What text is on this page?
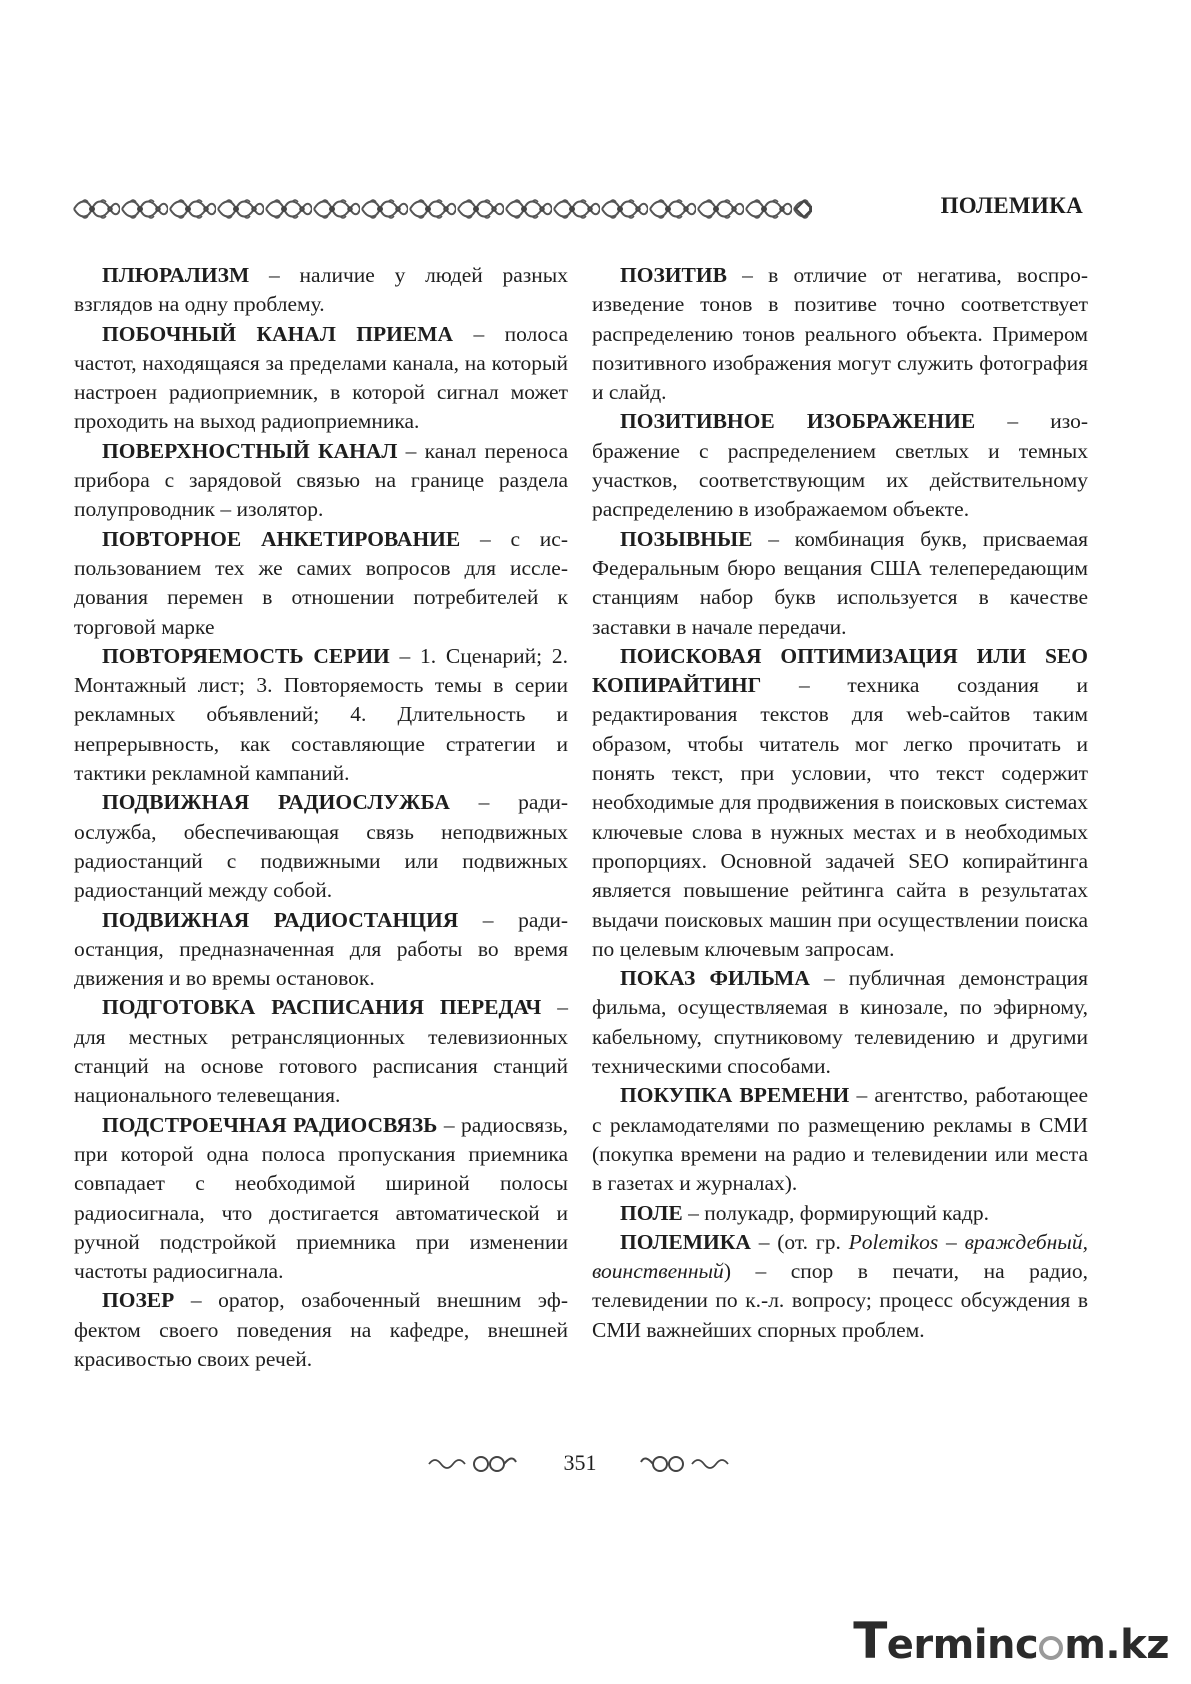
ПОЛЕМИКА

ПЛЮРАЛИЗМ – наличие у людей разных взглядов на одну проблему.

ПОБОЧНЫЙ КАНАЛ ПРИЕМА – полоса частот, находящаяся за пределами канала, на который настроен радиоприемник, в которой сигнал может проходить на выход радиоприемника.

ПОВЕРХНОСТНЫЙ КАНАЛ – канал переноса прибора с зарядовой связью на границе раздела полупроводник – изолятор.

ПОВТОРНОЕ АНКЕТИРОВАНИЕ – с использованием тех же самих вопросов для исследования перемен в отношении потребителей к торговой марке

ПОВТОРЯЕМОСТЬ СЕРИИ – 1. Сценарий; 2. Монтажный лист; 3. Повторяемость темы в серии рекламных объявлений; 4. Длительность и непрерывность, как составляющие стратегии и тактики рекламной кампаний.

ПОДВИЖНАЯ РАДИОСЛУЖБА – радиослужба, обеспечивающая связь неподвижных радиостанций с подвижными или подвижных радиостанций между собой.

ПОДВИЖНАЯ РАДИОСТАНЦИЯ – радиостанция, предназначенная для работы во время движения и во времы остановок.

ПОДГОТОВКА РАСПИСАНИЯ ПЕРЕДАЧ – для местных ретрансляционных телевизионных станций на основе готового расписания станций национального телевещания.

ПОДСТРОЕЧНАЯ РАДИОСВЯЗЬ – радиосвязь, при которой одна полоса пропускания приемника совпадает с необходимой шириной полосы радиосигнала, что достигается автоматической и ручной подстройкой приемника при изменении частоты радиосигнала.

ПОЗЕР – оратор, озабоченный внешним эффектом своего поведения на кафедре, внешней красивостью своих речей.

ПОЗИТИВ – в отличие от негатива, воспроизведение тонов в позитиве точно соответствует распределению тонов реального объекта. Примером позитивного изображения могут служить фотография и слайд.

ПОЗИТИВНОЕ ИЗОБРАЖЕНИЕ – изображение с распределением светлых и темных участков, соответствующим их действительному распределению в изображаемом объекте.

ПОЗЫВНЫЕ – комбинация букв, присваемая Федеральным бюро вещания США телепередающим станциям набор букв используется в качестве заставки в начале передачи.

ПОИСКОВАЯ ОПТИМИЗАЦИЯ ИЛИ SEO КОПИРАЙТИНГ – техника создания и редактирования текстов для web-сайтов таким образом, чтобы читатель мог легко прочитать и понять текст, при условии, что текст содержит необходимые для продвижения в поисковых системах ключевые слова в нужных местах и в необходимых пропорциях. Основной задачей SEO копирайтинга является повышение рейтинга сайта в результатах выдачи поисковых машин при осуществлении поиска по целевым ключевым запросам.

ПОКАЗ ФИЛЬМА – публичная демонстрация фильма, осуществляемая в кинозале, по эфирному, кабельному, спутниковому телевидению и другими техническими способами.

ПОКУПКА ВРЕМЕНИ – агентство, работающее с рекламодателями по размещению рекламы в СМИ (покупка времени на радио и телевидении или места в газетах и журналах).

ПОЛЕ – полукадр, формирующий кадр.

ПОЛЕМИКА – (от. гр. Polemikos – враждебный, воинственный) – спор в печати, на радио, телевидении по к.-л. вопросу; процесс обсуждения в СМИ важнейших спорных проблем.

351
Terminc m.kz
